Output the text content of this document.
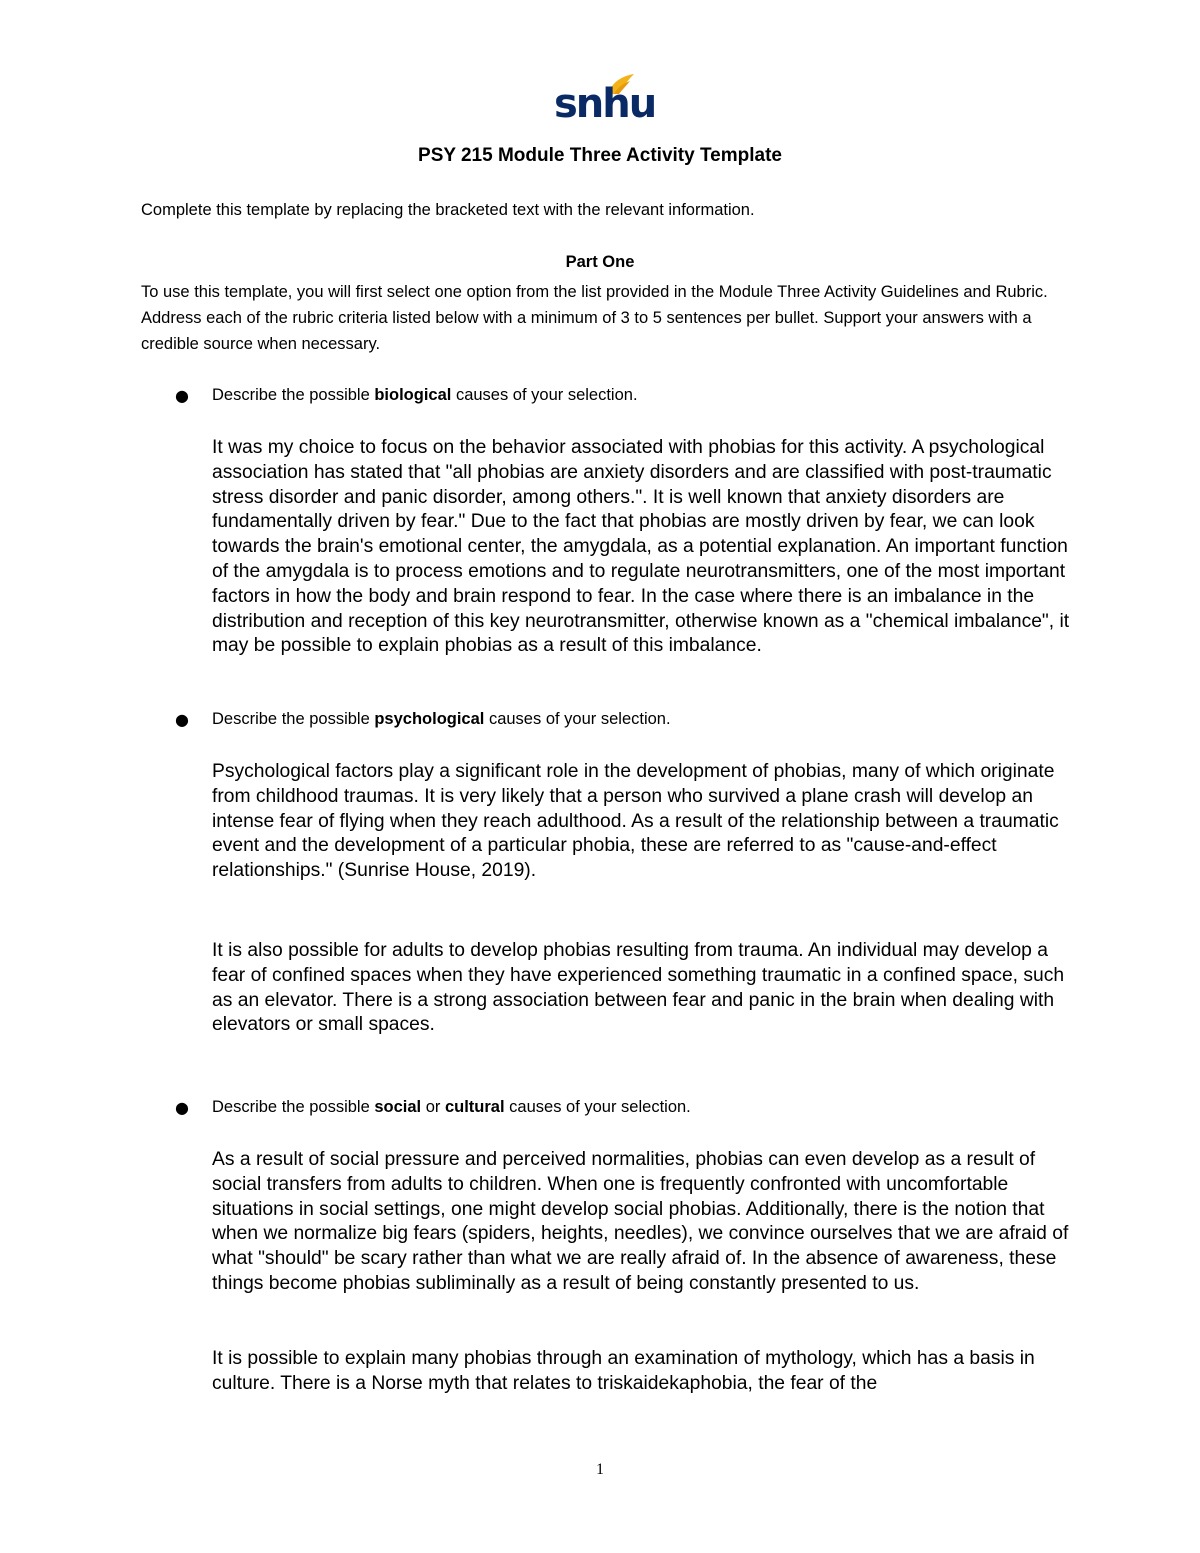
snhu
PSY 215 Module Three Activity Template
Complete this template by replacing the bracketed text with the relevant information.
Part One
To use this template, you will first select one option from the list provided in the Module Three Activity Guidelines and Rubric. Address each of the rubric criteria listed below with a minimum of 3 to 5 sentences per bullet. Support your answers with a credible source when necessary.
● Describe the possible biological causes of your selection.
It was my choice to focus on the behavior associated with phobias for this activity. A psychological association has stated that "all phobias are anxiety disorders and are classified with post-traumatic stress disorder and panic disorder, among others.". It is well known that anxiety disorders are fundamentally driven by fear." Due to the fact that phobias are mostly driven by fear, we can look towards the brain's emotional center, the amygdala, as a potential explanation. An important function of the amygdala is to process emotions and to regulate neurotransmitters, one of the most important factors in how the body and brain respond to fear. In the case where there is an imbalance in the distribution and reception of this key neurotransmitter, otherwise known as a "chemical imbalance", it may be possible to explain phobias as a result of this imbalance.
● Describe the possible psychological causes of your selection.
Psychological factors play a significant role in the development of phobias, many of which originate from childhood traumas. It is very likely that a person who survived a plane crash will develop an intense fear of flying when they reach adulthood. As a result of the relationship between a traumatic event and the development of a particular phobia, these are referred to as "cause-and-effect relationships." (Sunrise House, 2019).
It is also possible for adults to develop phobias resulting from trauma. An individual may develop a fear of confined spaces when they have experienced something traumatic in a confined space, such as an elevator. There is a strong association between fear and panic in the brain when dealing with elevators or small spaces.
● Describe the possible social or cultural causes of your selection.
As a result of social pressure and perceived normalities, phobias can even develop as a result of social transfers from adults to children. When one is frequently confronted with uncomfortable situations in social settings, one might develop social phobias. Additionally, there is the notion that when we normalize big fears (spiders, heights, needles), we convince ourselves that we are afraid of what "should" be scary rather than what we are really afraid of. In the absence of awareness, these things become phobias subliminally as a result of being constantly presented to us.
It is possible to explain many phobias through an examination of mythology, which has a basis in culture. There is a Norse myth that relates to triskaidekaphobia, the fear of the
1
